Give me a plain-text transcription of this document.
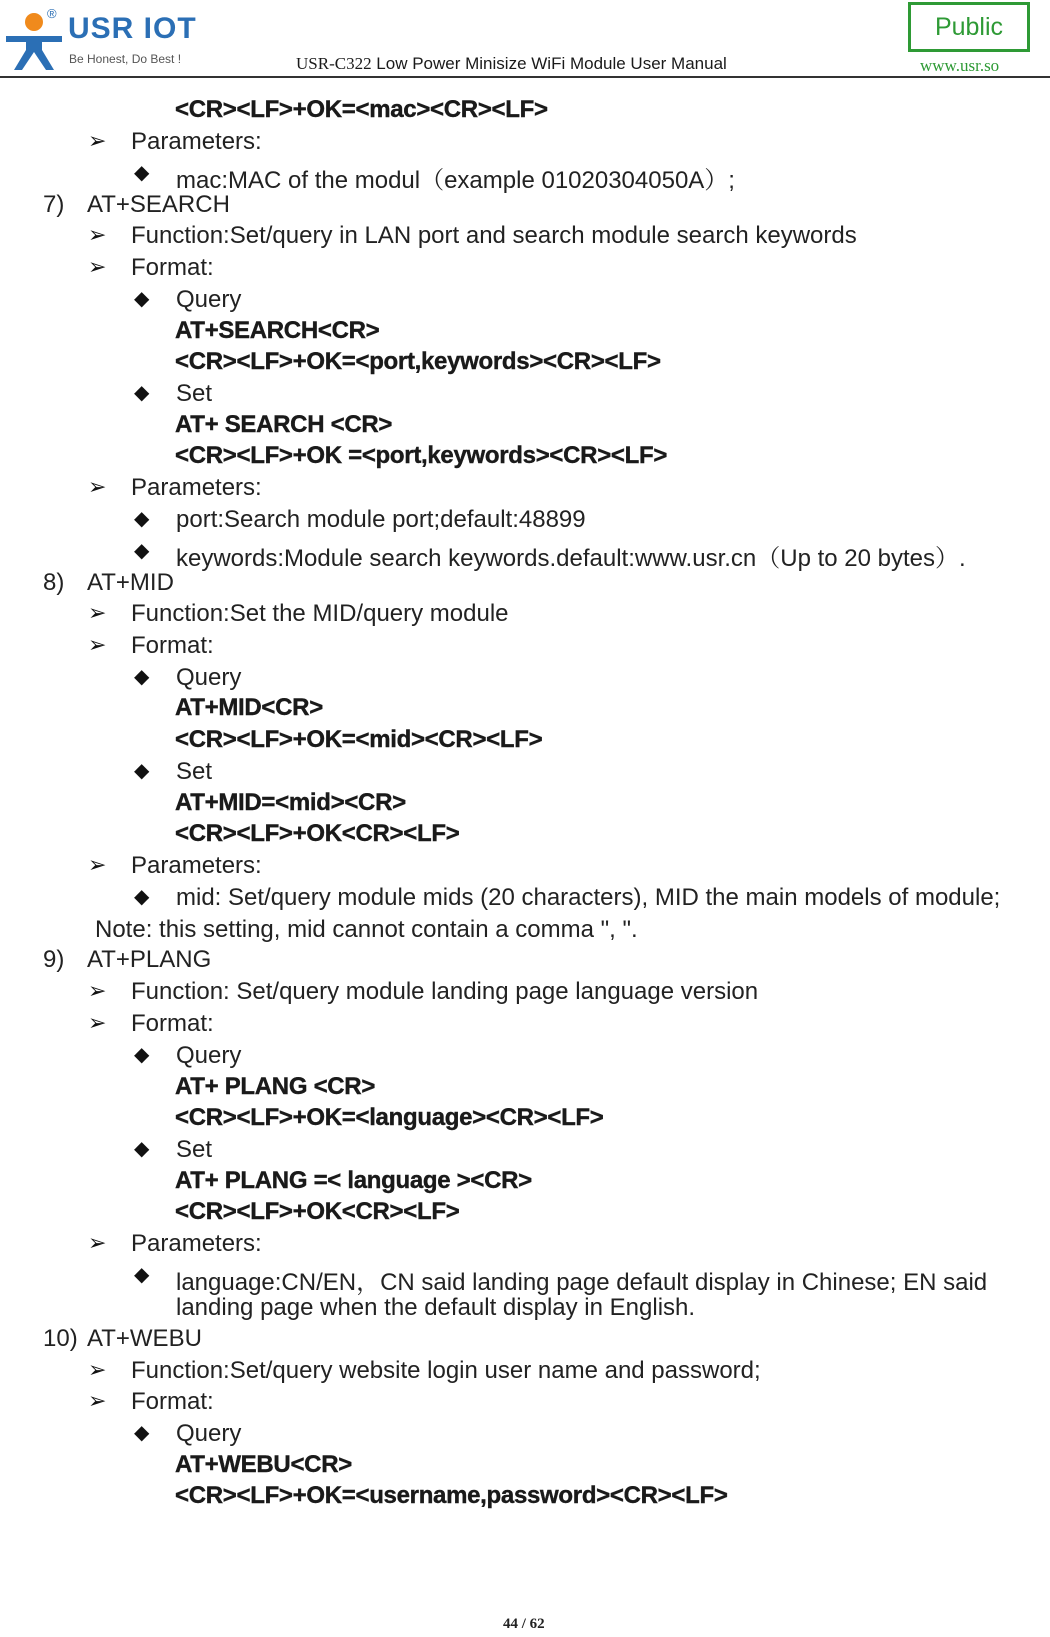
USR IOT
®
Be Honest, Do Best !	USR-C322 Low Power Minisize WiFi Module User Manual
Public
www.usr.so
<CR><LF>+OK=<mac><CR><LF>
➢ Parameters:
◆ mac:MAC of the modul（example 01020304050A）;
7) AT+SEARCH
➢ Function:Set/query in LAN port and search module search keywords
➢ Format:
◆ Query
AT+SEARCH<CR>
<CR><LF>+OK=<port,keywords><CR><LF>
◆ Set
AT+ SEARCH <CR>
<CR><LF>+OK =<port,keywords><CR><LF>
➢ Parameters:
◆ port:Search module port;default:48899
◆ keywords:Module search keywords.default:www.usr.cn（Up to 20 bytes）.
8) AT+MID
➢ Function:Set the MID/query module
➢ Format:
◆ Query
AT+MID<CR>
<CR><LF>+OK=<mid><CR><LF>
◆ Set
AT+MID=<mid><CR>
<CR><LF>+OK<CR><LF>
➢ Parameters:
◆ mid: Set/query module mids (20 characters), MID the main models of module;
Note: this setting, mid cannot contain a comma ", ".
9) AT+PLANG
➢ Function: Set/query module landing page language version
➢ Format:
◆ Query
AT+ PLANG <CR>
<CR><LF>+OK=<language><CR><LF>
◆ Set
AT+ PLANG =< language ><CR>
<CR><LF>+OK<CR><LF>
➢ Parameters:
◆ language:CN/EN，CN said landing page default display in Chinese; EN said
landing page when the default display in English.
10) AT+WEBU
➢ Function:Set/query website login user name and password;
➢ Format:
◆ Query
AT+WEBU<CR>
<CR><LF>+OK=<username,password><CR><LF>
44 / 62
